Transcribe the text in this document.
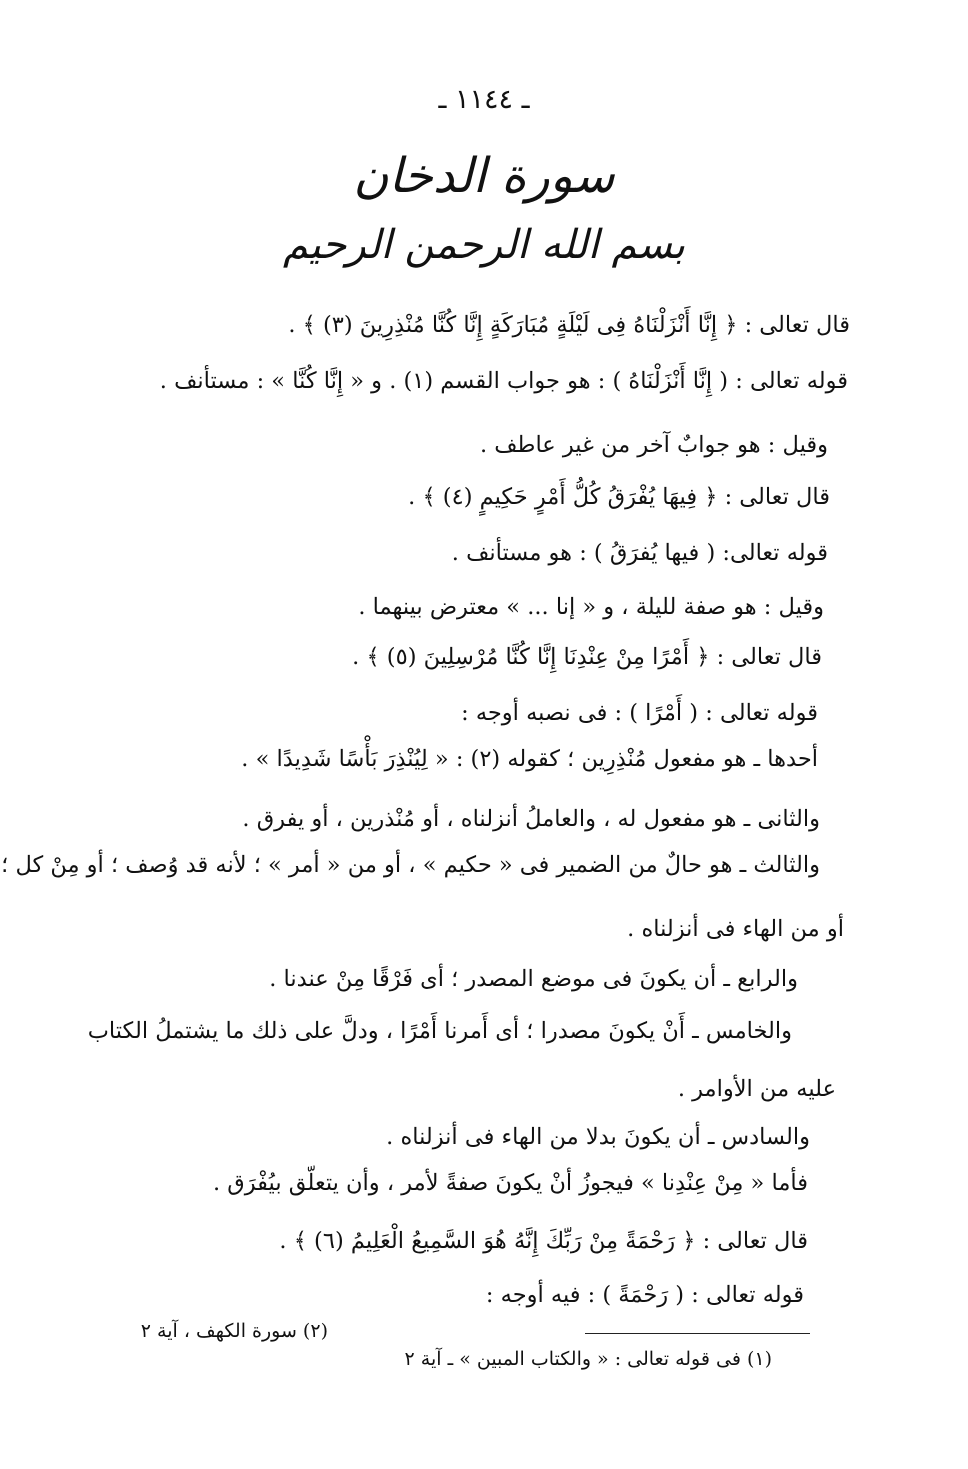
ـ ١١٤٤ ـ
سورة الدخان
بسم الله الرحمن الرحيم
قال تعالى : ﴿ إِنَّا أَنْزَلْنَاهُ فِى لَيْلَةٍ مُبَارَكَةٍ إِنَّا كُنَّا مُنْذِرِينَ (٣) ﴾ .
قوله تعالى : ( إِنَّا أَنْزَلْنَاهُ ) : هو جواب القسم (١) . و « إِنَّا كُنَّا » : مستأنف .
وقيل : هو جوابٌ آخر من غير عاطف .
قال تعالى : ﴿ فِيهَا يُفْرَقُ كُلُّ أَمْرٍ حَكِيمٍ (٤) ﴾ .
قوله تعالى: ( فيها يُفرَقُ ) : هو مستأنف .
وقيل : هو صفة لليلة ، و « إنا ... » معترض بينهما .
قال تعالى : ﴿ أَمْرًا مِنْ عِنْدِنَا إِنَّا كُنَّا مُرْسِلِينَ (٥) ﴾ .
قوله تعالى : ( أَمْرًا ) : فى نصبه أوجه :
أحدها ـ هو مفعول مُنْذِرِين ؛ كقوله (٢) : « لِيُنْذِرَ بَأْسًا شَدِيدًا » .
والثانى ـ هو مفعول له ، والعاملُ أنزلناه ، أو مُنْذرين ، أو يفرق .
والثالث ـ هو حالٌ من الضمير فى « حكيم » ، أو من « أمر » ؛ لأنه قد وُصف ؛ أو مِنْ كل ؛
أو من الهاء فى أنزلناه .
والرابع ـ أن يكونَ فى موضع المصدر ؛ أى فَرْقًا مِنْ عندنا .
والخامس ـ أَنْ يكونَ مصدرا ؛ أى أَمرنا أَمْرًا ، ودلَّ على ذلك ما يشتملُ الكتاب
عليه من الأوامر .
والسادس ـ أن يكونَ بدلا من الهاء فى أنزلناه .
فأما « مِنْ عِنْدِنا » فيجوزُ أنْ يكونَ صفةً لأمر ، وأن يتعلّق بيُفْرَق .
قال تعالى : ﴿ رَحْمَةً مِنْ رَبِّكَ إِنَّهُ هُوَ السَّمِيعُ الْعَلِيمُ (٦) ﴾ .
قوله تعالى : ( رَحْمَةً ) : فيه أوجه :
(١) فى قوله تعالى : « والكتاب المبين » ـ آية ٢
(٢) سورة الكهف ، آية ٢
